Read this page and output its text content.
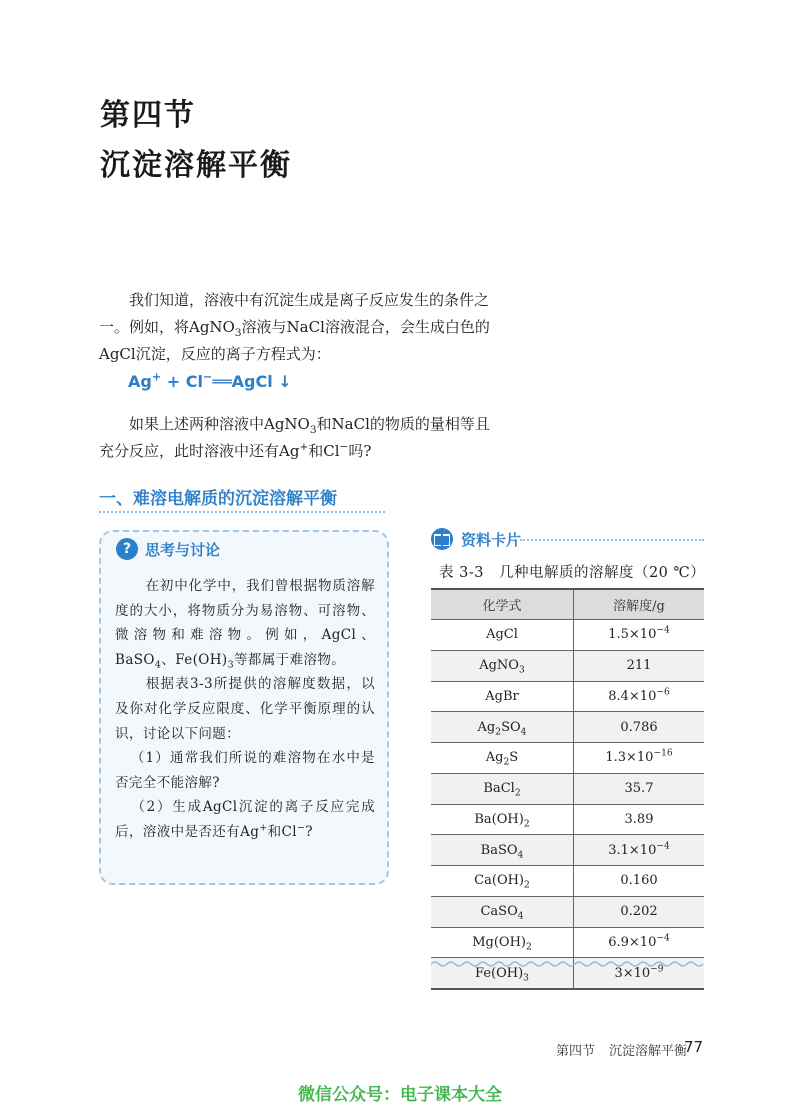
第四节
沉淀溶解平衡
我们知道，溶液中有沉淀生成是离子反应发生的条件之一。例如，将AgNO$_3$溶液与NaCl溶液混合，会生成白色的AgCl沉淀，反应的离子方程式为：
Ag+ + Cl−══AgCl ↓
如果上述两种溶液中AgNO$_3$和NaCl的物质的量相等且充分反应，此时溶液中还有Ag+和Cl−吗?
一、难溶电解质的沉淀溶解平衡
? 思考与讨论

在初中化学中，我们曾根据物质溶解度的大小，将物质分为易溶物、可溶物、微溶物和难溶物。例如，AgCl、BaSO$_4$、$Fe(OH)_3$等都属于难溶物。

根据表3-3所提供的溶解度数据，以及你对化学反应限度、化学平衡原理的认识，讨论以下问题：

（1）通常我们所说的难溶物在水中是否完全不能溶解?

（2）生成AgCl沉淀的离子反应完成后，溶液中是否还有Ag+和Cl−?

资料卡片
表 3-3　几种电解质的溶解度（20 ℃）
化学式	溶解度/g
AgCl	$1.5\times 10^{-4}$
AgNO$_3$	211
AgBr	$8.4\times 10^{-6}$
$Ag_2SO_4$	0.786
$Ag_2S$	$1.3\times 10^{-16}$
BaCl$_2$	35.7
$Ba(OH)_2$	3.89
BaSO$_4$	$3.1\times 10^{-4}$
$Ca(OH)_2$	0.160
CaSO$_4$	0.202
$Mg(OH)_2$	$6.9\times 10^{-4}$
$Fe(OH)_3$	$3\times 10^{-9}$
第四节 沉淀溶解平衡
77
微信公众号：电子课本大全
